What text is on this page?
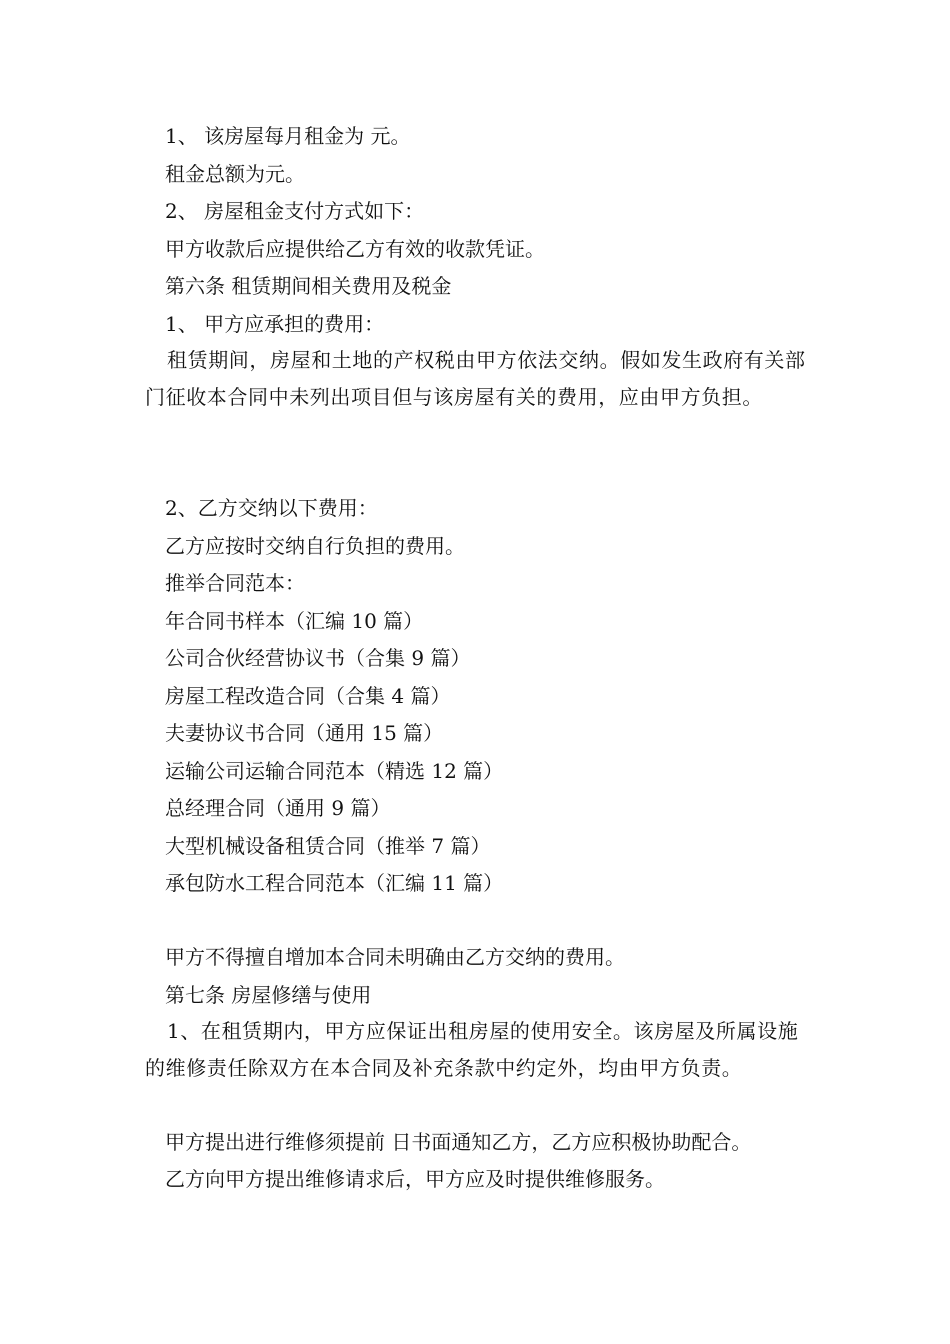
1、 该房屋每月租金为 元。

租金总额为元。

2、 房屋租金支付方式如下：

甲方收款后应提供给乙方有效的收款凭证。

第六条 租赁期间相关费用及税金

1、 甲方应承担的费用：

租赁期间，房屋和土地的产权税由甲方依法交纳。假如发生政府有关部门征收本合同中未列出项目但与该房屋有关的费用，应由甲方负担。

2、乙方交纳以下费用：

乙方应按时交纳自行负担的费用。

推举合同范本：

年合同书样本（汇编 10 篇）

公司合伙经营协议书（合集 9 篇）

房屋工程改造合同（合集 4 篇）

夫妻协议书合同（通用 15 篇）

运输公司运输合同范本（精选 12 篇）

总经理合同（通用 9 篇）

大型机械设备租赁合同（推举 7 篇）

承包防水工程合同范本（汇编 11 篇）

甲方不得擅自增加本合同未明确由乙方交纳的费用。

第七条 房屋修缮与使用

1、在租赁期内，甲方应保证出租房屋的使用安全。该房屋及所属设施的维修责任除双方在本合同及补充条款中约定外，均由甲方负责。

甲方提出进行维修须提前 日书面通知乙方，乙方应积极协助配合。

乙方向甲方提出维修请求后，甲方应及时提供维修服务。
